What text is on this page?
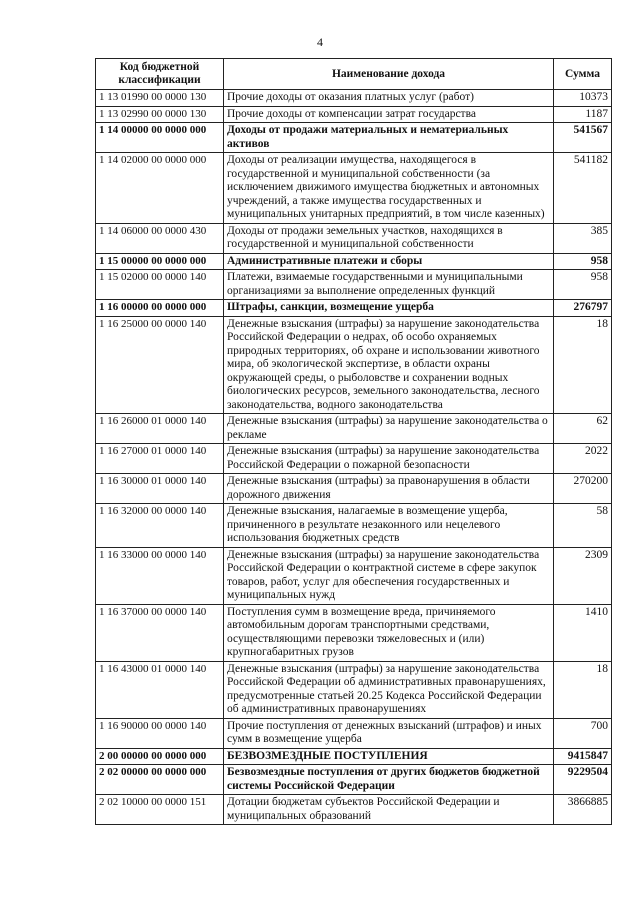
4
Код бюджетной классификации	Наименование дохода	Сумма
1 13 01990 00 0000 130	Прочие доходы от оказания платных услуг (работ)	10373
1 13 02990 00 0000 130	Прочие доходы от компенсации затрат государства	1187
1 14 00000 00 0000 000	Доходы от продажи материальных и нематериальных активов	541567
1 14 02000 00 0000 000	Доходы от реализации имущества, находящегося в государственной и муниципальной собственности (за исключением движимого имущества бюджетных и автономных учреждений, а также имущества государственных и муниципальных унитарных предприятий, в том числе казенных)	541182
1 14 06000 00 0000 430	Доходы от продажи земельных участков, находящихся в государственной и муниципальной собственности	385
1 15 00000 00 0000 000	Административные платежи и сборы	958
1 15 02000 00 0000 140	Платежи, взимаемые государственными и муниципальными организациями за выполнение определенных функций	958
1 16 00000 00 0000 000	Штрафы, санкции, возмещение ущерба	276797
1 16 25000 00 0000 140	Денежные взыскания (штрафы) за нарушение законодательства Российской Федерации о недрах, об особо охраняемых природных территориях, об охране и использовании животного мира, об экологической экспертизе, в области охраны окружающей среды, о рыболовстве и сохранении водных биологических ресурсов, земельного законодательства, лесного законодательства, водного законодательства	18
1 16 26000 01 0000 140	Денежные взыскания (штрафы) за нарушение законодательства о рекламе	62
1 16 27000 01 0000 140	Денежные взыскания (штрафы) за нарушение законодательства Российской Федерации о пожарной безопасности	2022
1 16 30000 01 0000 140	Денежные взыскания (штрафы) за правонарушения в области дорожного движения	270200
1 16 32000 00 0000 140	Денежные взыскания, налагаемые в возмещение ущерба, причиненного в результате незаконного или нецелевого использования бюджетных средств	58
1 16 33000 00 0000 140	Денежные взыскания (штрафы) за нарушение законодательства Российской Федерации о контрактной системе в сфере закупок товаров, работ, услуг для обеспечения государственных и муниципальных нужд	2309
1 16 37000 00 0000 140	Поступления сумм в возмещение вреда, причиняемого автомобильным дорогам транспортными средствами, осуществляющими перевозки тяжеловесных и (или) крупногабаритных грузов	1410
1 16 43000 01 0000 140	Денежные взыскания (штрафы) за нарушение законодательства Российской Федерации об административных правонарушениях, предусмотренные статьей 20.25 Кодекса Российской Федерации об административных правонарушениях	18
1 16 90000 00 0000 140	Прочие поступления от денежных взысканий (штрафов) и иных сумм в возмещение ущерба	700
2 00 00000 00 0000 000	БЕЗВОЗМЕЗДНЫЕ ПОСТУПЛЕНИЯ	9415847
2 02 00000 00 0000 000	Безвозмездные поступления от других бюджетов бюджетной системы Российской Федерации	9229504
2 02 10000 00 0000 151	Дотации бюджетам субъектов Российской Федерации и муниципальных образований	3866885
